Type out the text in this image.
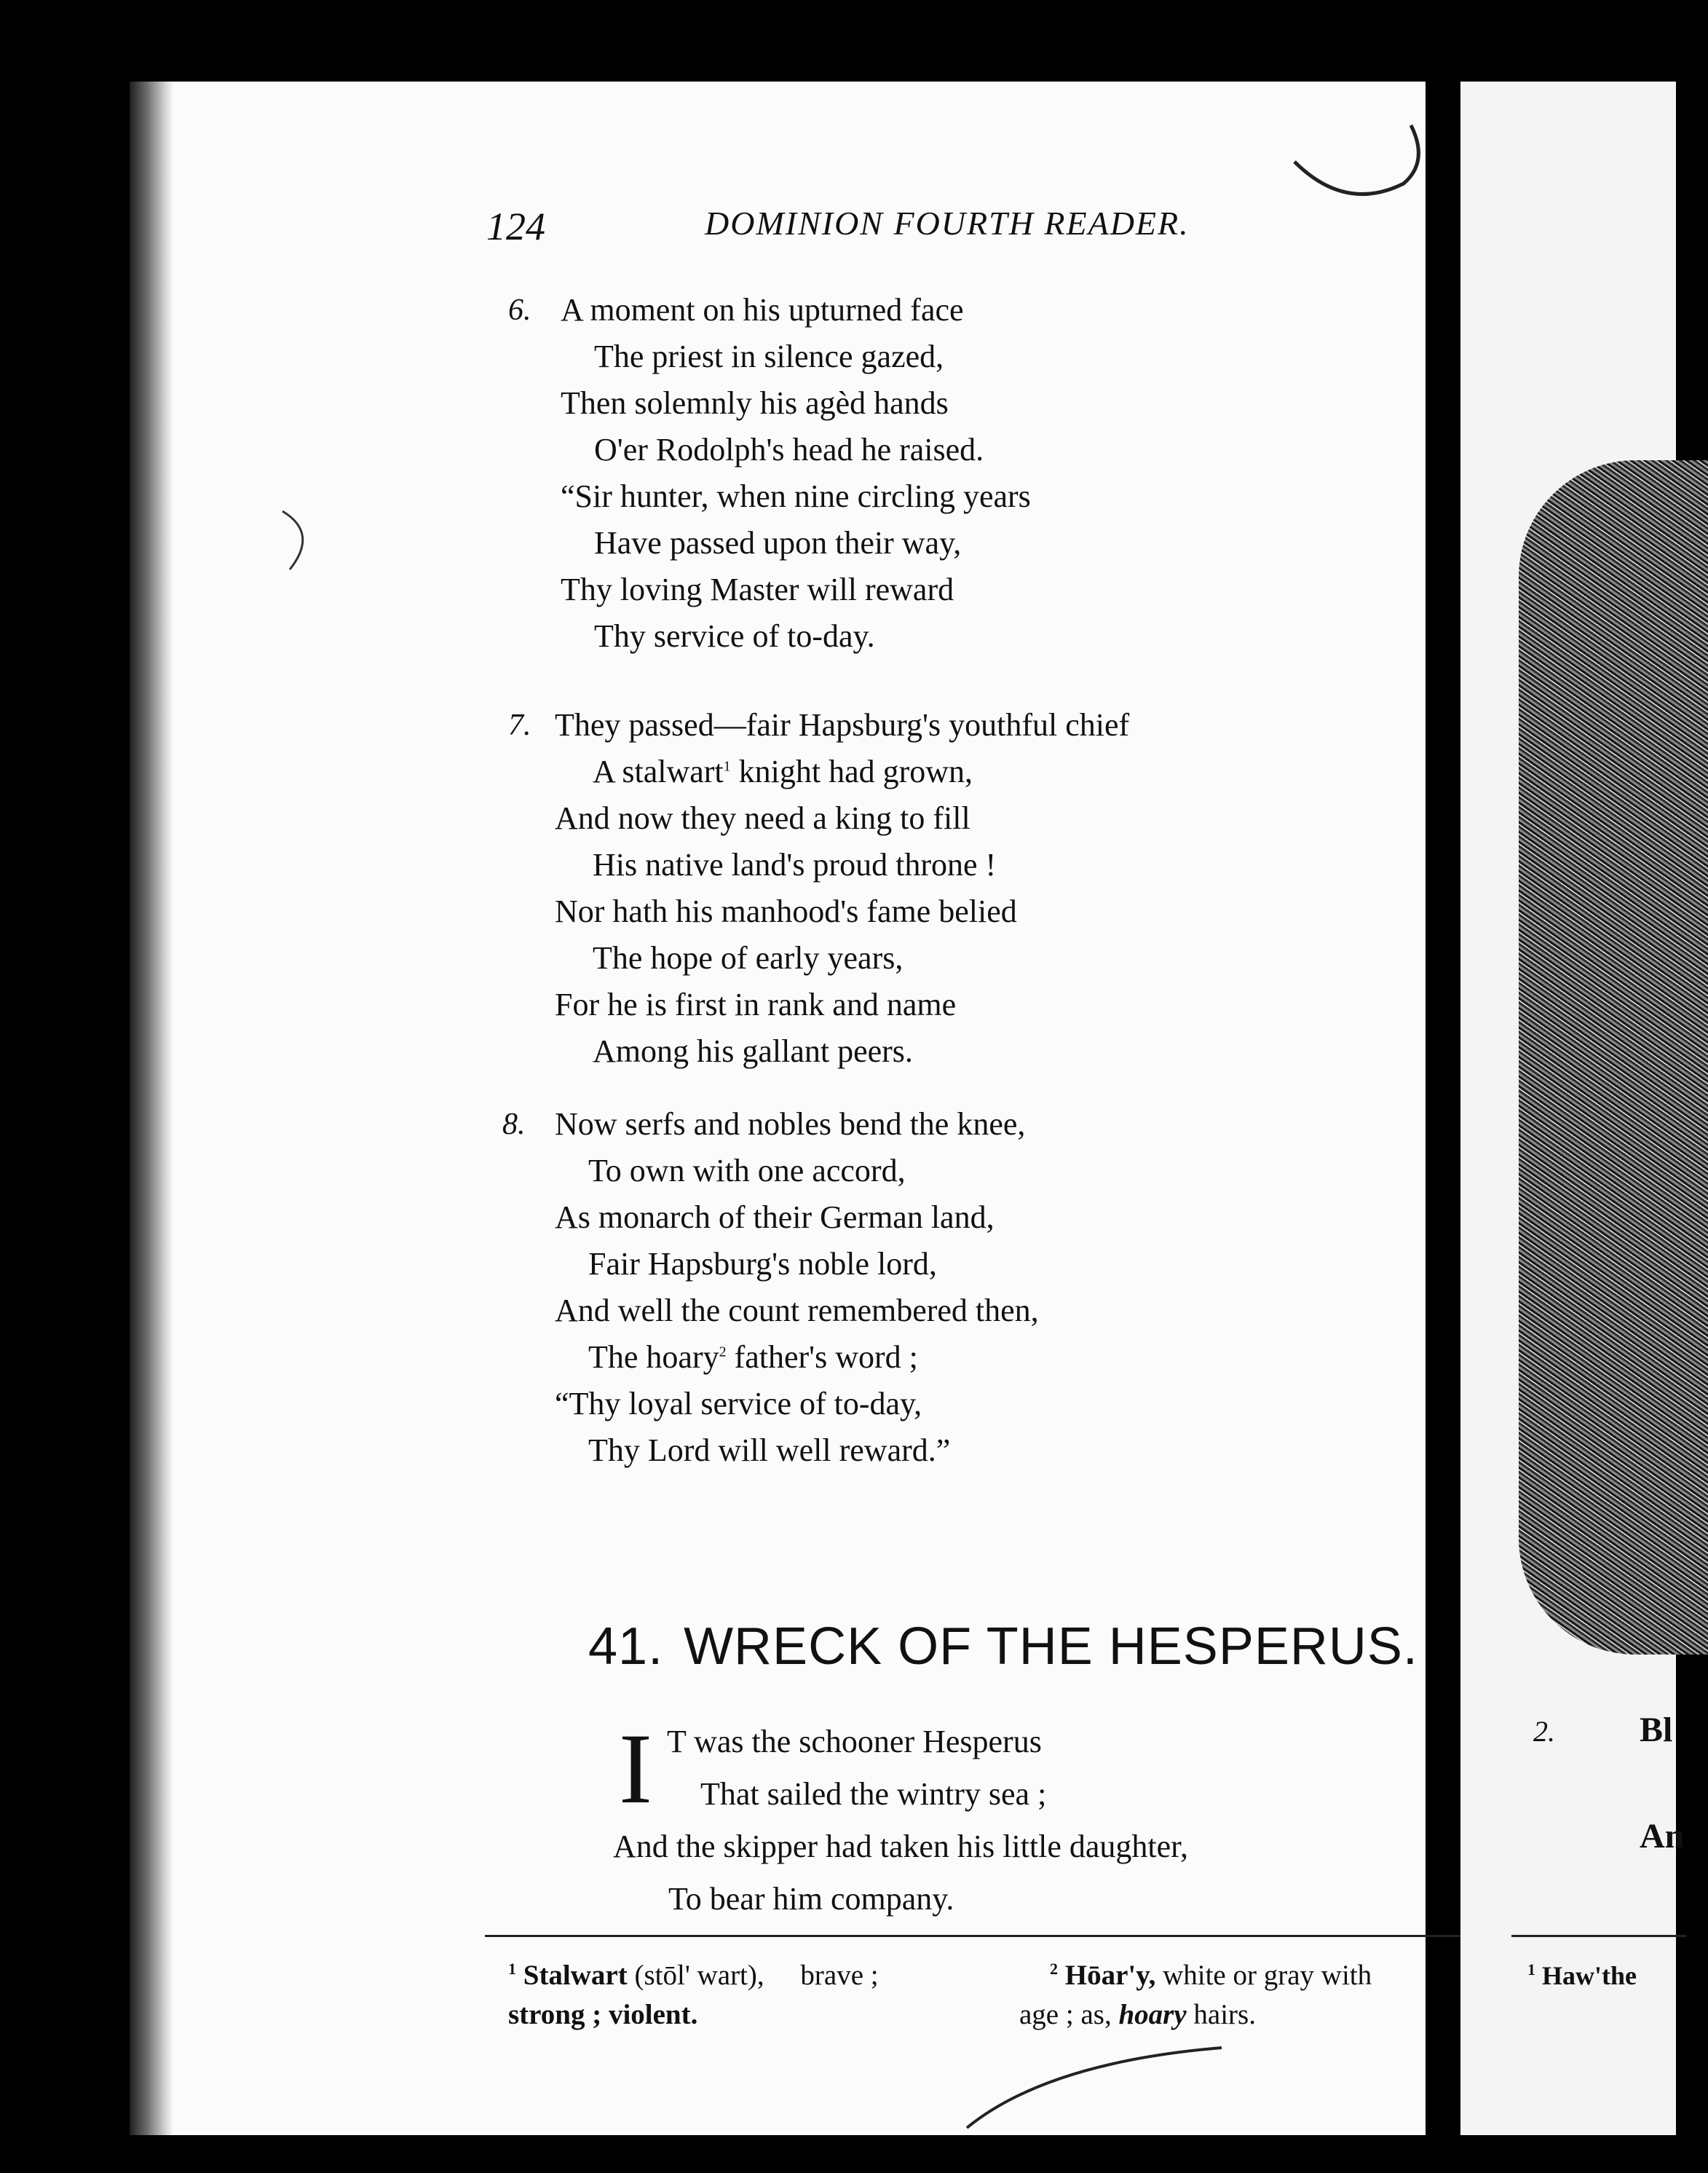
124	DOMINION FOURTH READER.
6. A moment on his upturned face
The priest in silence gazed,
Then solemnly his agèd hands
O'er Rodolph's head he raised.
“Sir hunter, when nine circling years
Have passed upon their way,
Thy loving Master will reward
Thy service of to-day.
7. They passed—fair Hapsburg's youthful chief
A stalwart$^1$ knight had grown,
And now they need a king to fill
His native land's proud throne !
Nor hath his manhood's fame belied
The hope of early years,
For he is first in rank and name
Among his gallant peers.
8. Now serfs and nobles bend the knee,
To own with one accord,
As monarch of their German land,
Fair Hapsburg's noble lord,
And well the count remembered then,
The hoary$^2$ father's word ;
“Thy loyal service of to-day,
Thy Lord will well reward.”
41. WRECK OF THE HESPERUS.
I T was the schooner Hesperus
That sailed the wintry sea ;
And the skipper had taken his little daughter,
To bear him company.
$^1$ Stalwart (stōl' wart), brave ;
strong ; violent.
$^2$ Hōar'y, white or gray with
age ; as, hoary hairs.
2. Bl
An
$^1$ Haw'the
